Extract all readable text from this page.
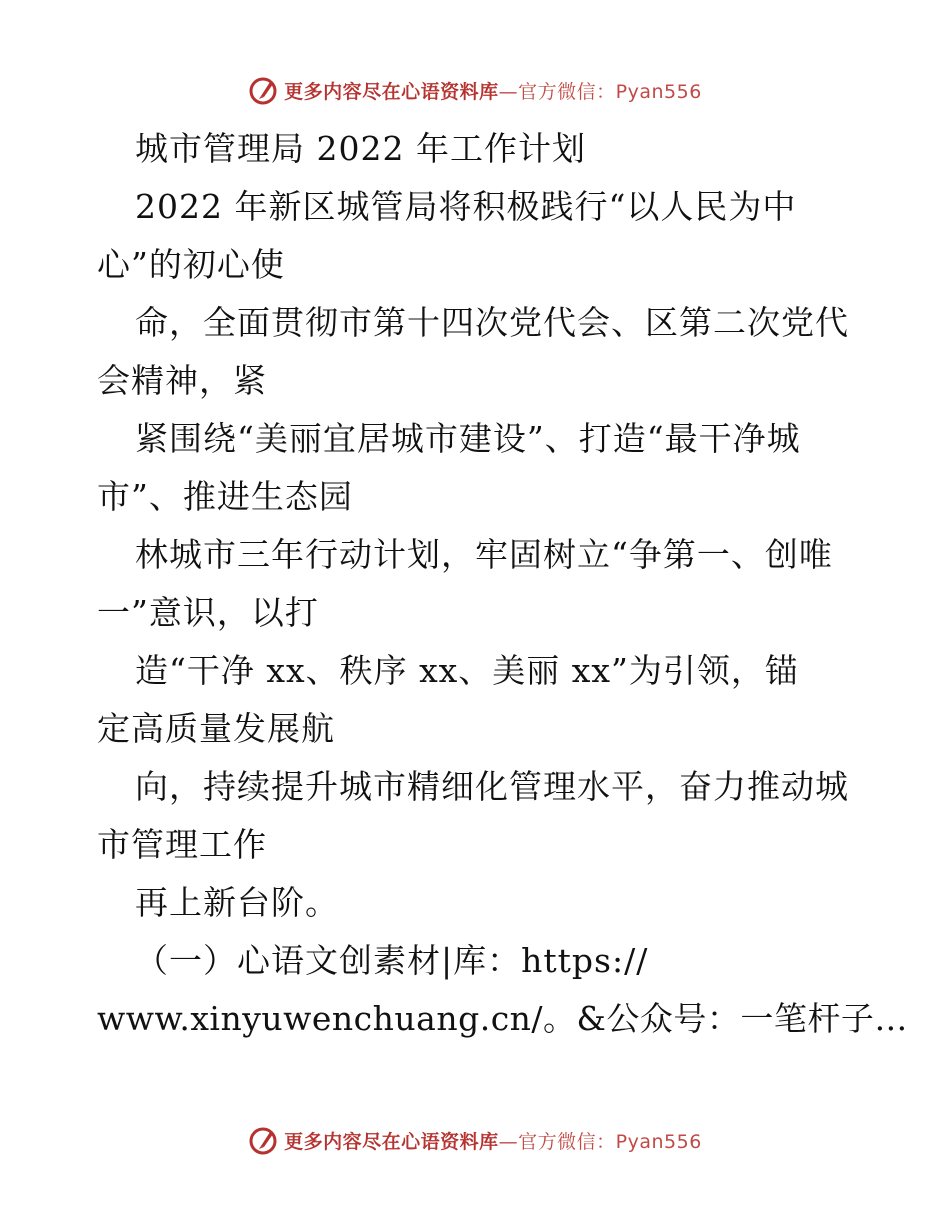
更多内容尽在心语资料库 —官方微信：Pyan556
城市管理局 2022 年工作计划
2022 年新区城管局将积极践行“以人民为中
心”的初心使
命，全面贯彻市第十四次党代会、区第二次党代
会精神，紧
紧围绕“美丽宜居城市建设”、打造“最干净城
市”、推进生态园
林城市三年行动计划，牢固树立“争第一、创唯
一”意识，以打
造“干净 xx、秩序 xx、美丽 xx”为引领，锚
定高质量发展航
向，持续提升城市精细化管理水平，奋力推动城
市管理工作
再上新台阶。
（一）心语文创素材|库：https://
www.xinyuwenchuang.cn/。&公众号：一笔杆子…
更多内容尽在心语资料库 —官方微信：Pyan556
